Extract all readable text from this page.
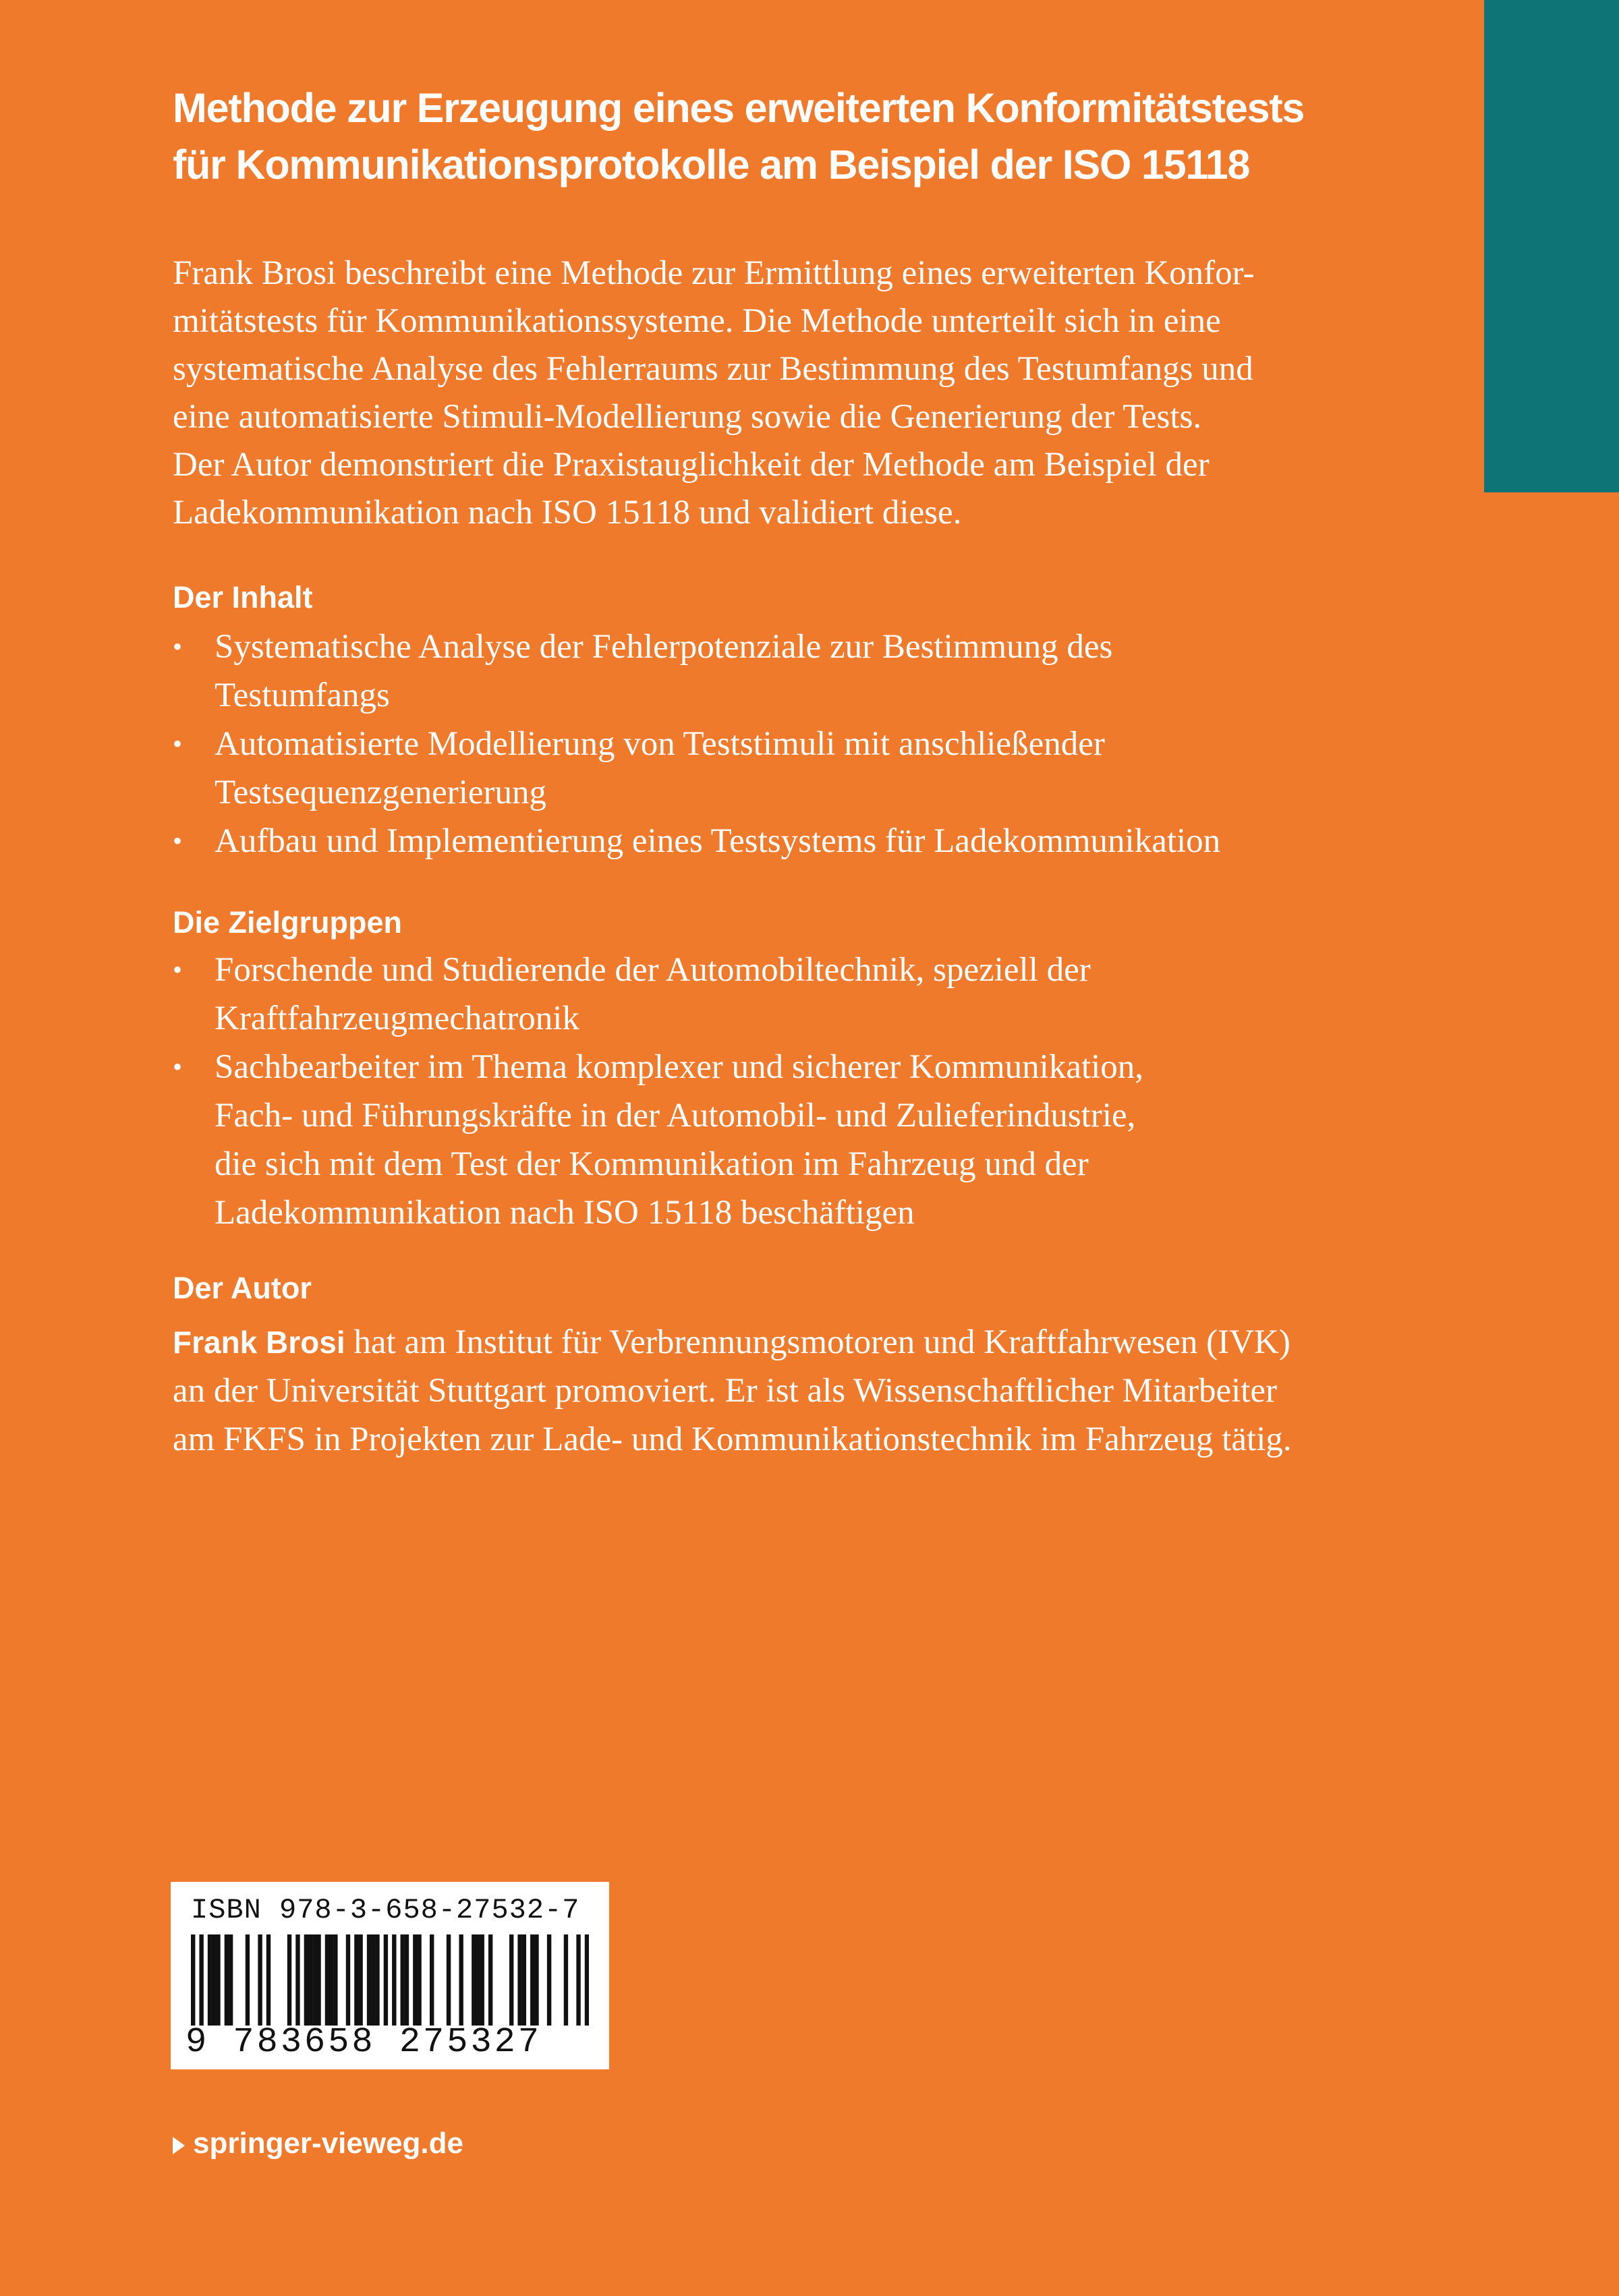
Methode zur Erzeugung eines erweiterten Konformitätstests
für Kommunikationsprotokolle am Beispiel der ISO 15118
Frank Brosi beschreibt eine Methode zur Ermittlung eines erweiterten Konfor-
mitätstests für Kommunikationssysteme. Die Methode unterteilt sich in eine
systematische Analyse des Fehlerraums zur Bestimmung des Testumfangs und
eine automatisierte Stimuli-Modellierung sowie die Generierung der Tests.
Der Autor demonstriert die Praxistauglichkeit der Methode am Beispiel der
Ladekommunikation nach ISO 15118 und validiert diese.
Der Inhalt
• Systematische Analyse der Fehlerpotenziale zur Bestimmung des
Testumfangs
• Automatisierte Modellierung von Teststimuli mit anschließender
Testsequenzgenerierung
• Aufbau und Implementierung eines Testsystems für Ladekommunikation
Die Zielgruppen
• Forschende und Studierende der Automobiltechnik, speziell der
Kraftfahrzeugmechatronik
• Sachbearbeiter im Thema komplexer und sicherer Kommunikation,
Fach- und Führungskräfte in der Automobil- und Zulieferindustrie,
die sich mit dem Test der Kommunikation im Fahrzeug und der
Ladekommunikation nach ISO 15118 beschäftigen
Der Autor
Frank Brosi hat am Institut für Verbrennungsmotoren und Kraftfahrwesen (IVK)
an der Universität Stuttgart promoviert. Er ist als Wissenschaftlicher Mitarbeiter
am FKFS in Projekten zur Lade- und Kommunikationstechnik im Fahrzeug tätig.
ISBN 978-3-658-27532-7
9 783658 275327
springer-vieweg.de
